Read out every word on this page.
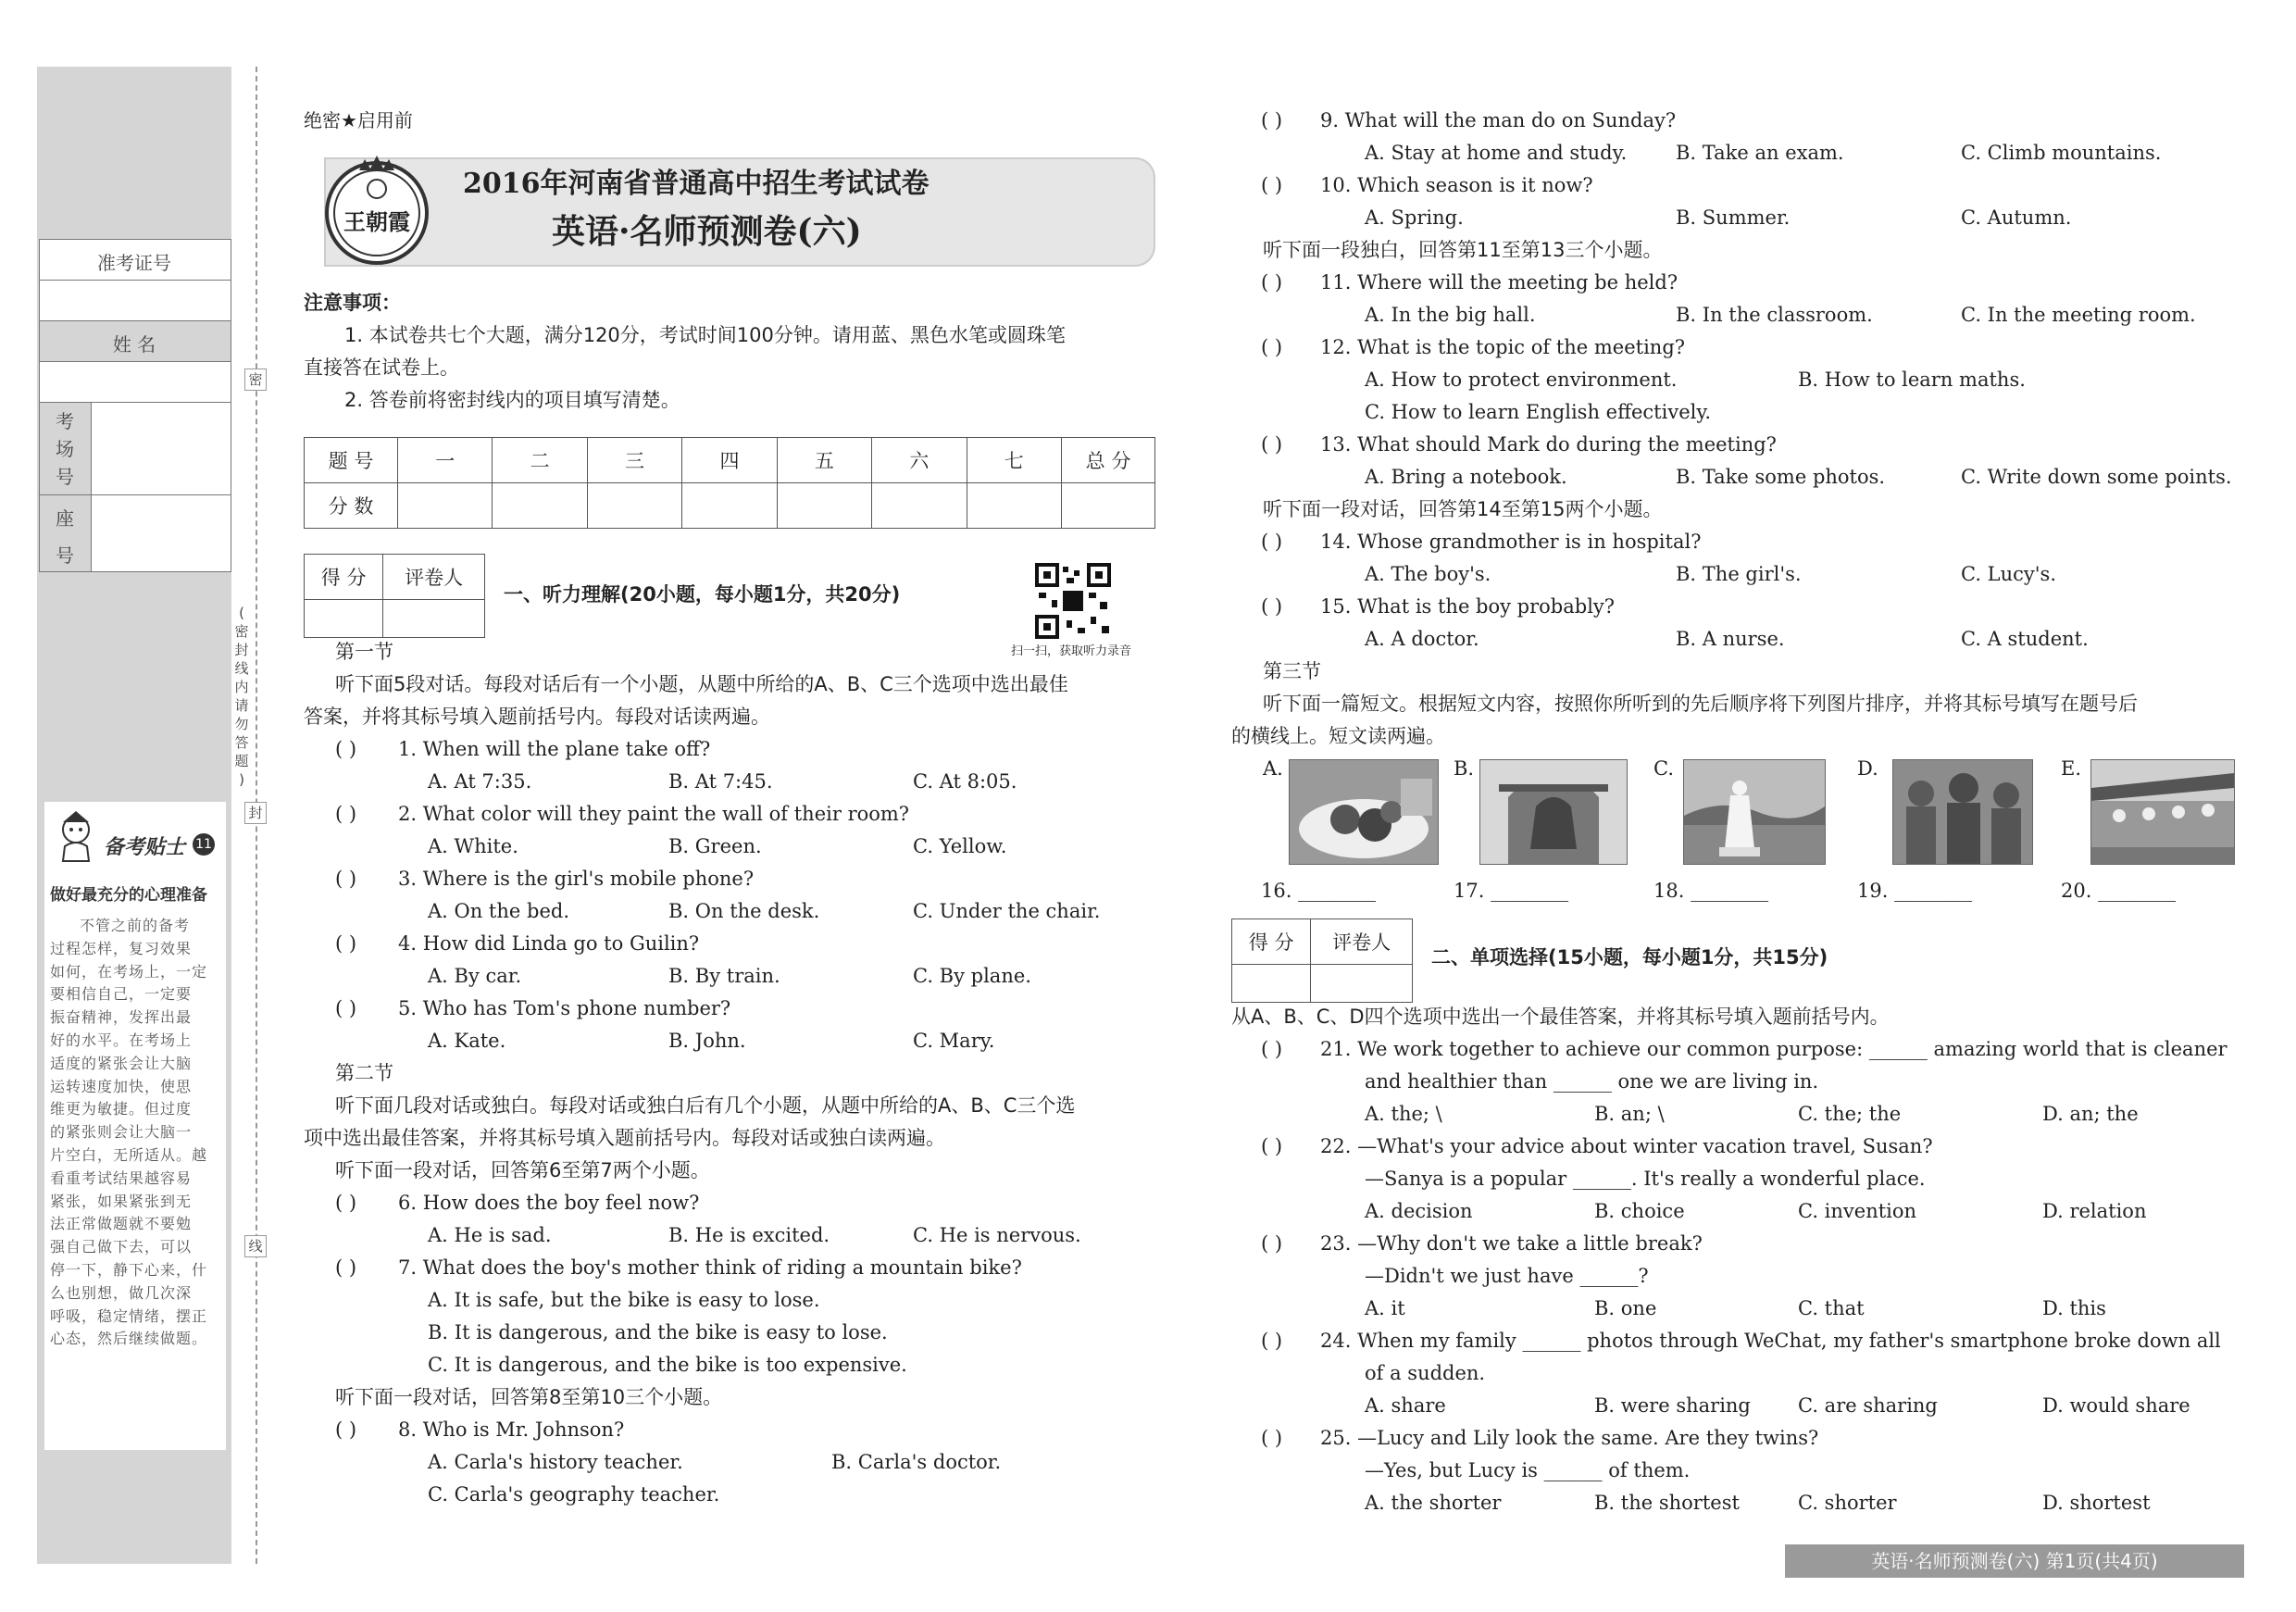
准考证号
姓 名
考
场
号
座
号
备考贴士 11
做好最充分的心理准备
不管之前的备考
过程怎样，复习效果
如何，在考场上，一定
要相信自己，一定要
振奋精神，发挥出最
好的水平。在考场上
适度的紧张会让大脑
运转速度加快，使思
维更为敏捷。但过度
的紧张则会让大脑一
片空白，无所适从。越
看重考试结果越容易
紧张，如果紧张到无
法正常做题就不要勉
强自己做下去，可以
停一下，静下心来，什
么也别想，做几次深
呼吸，稳定情绪，摆正
心态，然后继续做题。
密
封
线
(
密
封
线
内
请
勿
答
题
)
绝密★启用前
王朝霞
2016年河南省普通高中招生考试试卷
英语·名师预测卷(六)
注意事项：
1. 本试卷共七个大题，满分120分，考试时间100分钟。请用蓝、黑色水笔或圆珠笔
直接答在试卷上。
2. 答卷前将密封线内的项目填写清楚。
题 号	一	二	三	四	五	六	七	总 分
分 数								
得 分	评卷人

一、听力理解(20小题，每小题1分，共20分)
扫一扫，获取听力录音
第一节
听下面5段对话。每段对话后有一个小题，从题中所给的A、B、C三个选项中选出最佳
答案，并将其标号填入题前括号内。每段对话读两遍。
( ) 1. When will the plane take off?
A. At 7:35.	B. At 7:45.	C. At 8:05.
( ) 2. What color will they paint the wall of their room?
A. White.	B. Green.	C. Yellow.
( ) 3. Where is the girl's mobile phone?
A. On the bed.	B. On the desk.	C. Under the chair.
( ) 4. How did Linda go to Guilin?
A. By car.	B. By train.	C. By plane.
( ) 5. Who has Tom's phone number?
A. Kate.	B. John.	C. Mary.
第二节
听下面几段对话或独白。每段对话或独白后有几个小题，从题中所给的A、B、C三个选
项中选出最佳答案，并将其标号填入题前括号内。每段对话或独白读两遍。
听下面一段对话，回答第6至第7两个小题。
( ) 6. How does the boy feel now?
A. He is sad.	B. He is excited.	C. He is nervous.
( ) 7. What does the boy's mother think of riding a mountain bike?
A. It is safe, but the bike is easy to lose.
B. It is dangerous, and the bike is easy to lose.
C. It is dangerous, and the bike is too expensive.
听下面一段对话，回答第8至第10三个小题。
( ) 8. Who is Mr. Johnson?
A. Carla's history teacher.	B. Carla's doctor.
C. Carla's geography teacher.
( ) 9. What will the man do on Sunday?
A. Stay at home and study.	B. Take an exam.	C. Climb mountains.
( ) 10. Which season is it now?
A. Spring.	B. Summer.	C. Autumn.
听下面一段独白，回答第11至第13三个小题。
( ) 11. Where will the meeting be held?
A. In the big hall.	B. In the classroom.	C. In the meeting room.
( ) 12. What is the topic of the meeting?
A. How to protect environment.	B. How to learn maths.
C. How to learn English effectively.
( ) 13. What should Mark do during the meeting?
A. Bring a notebook.	B. Take some photos.	C. Write down some points.
听下面一段对话，回答第14至第15两个小题。
( ) 14. Whose grandmother is in hospital?
A. The boy's.	B. The girl's.	C. Lucy's.
( ) 15. What is the boy probably?
A. A doctor.	B. A nurse.	C. A student.
第三节
听下面一篇短文。根据短文内容，按照你所听到的先后顺序将下列图片排序，并将其标号填写在题号后
的横线上。短文读两遍。
A.	B.	C.	D.	E.
16. ________	17. ________	18. ________	19. ________	20. ________
得 分	评卷人

二、单项选择(15小题，每小题1分，共15分)
从A、B、C、D四个选项中选出一个最佳答案，并将其标号填入题前括号内。
( ) 21. We work together to achieve our common purpose: ______ amazing world that is cleaner
and healthier than ______ one we are living in.
A. the; \	B. an; \	C. the; the	D. an; the
( ) 22. —What's your advice about winter vacation travel, Susan?
—Sanya is a popular ______. It's really a wonderful place.
A. decision	B. choice	C. invention	D. relation
( ) 23. —Why don't we take a little break?
—Didn't we just have ______?
A. it	B. one	C. that	D. this
( ) 24. When my family ______ photos through WeChat, my father's smartphone broke down all
of a sudden.
A. share	B. were sharing C. are sharing	D. would share
( ) 25. —Lucy and Lily look the same. Are they twins?
—Yes, but Lucy is ______ of them.
A. the shorter	B. the shortest	C. shorter	D. shortest
英语·名师预测卷(六) 第1页(共4页)
